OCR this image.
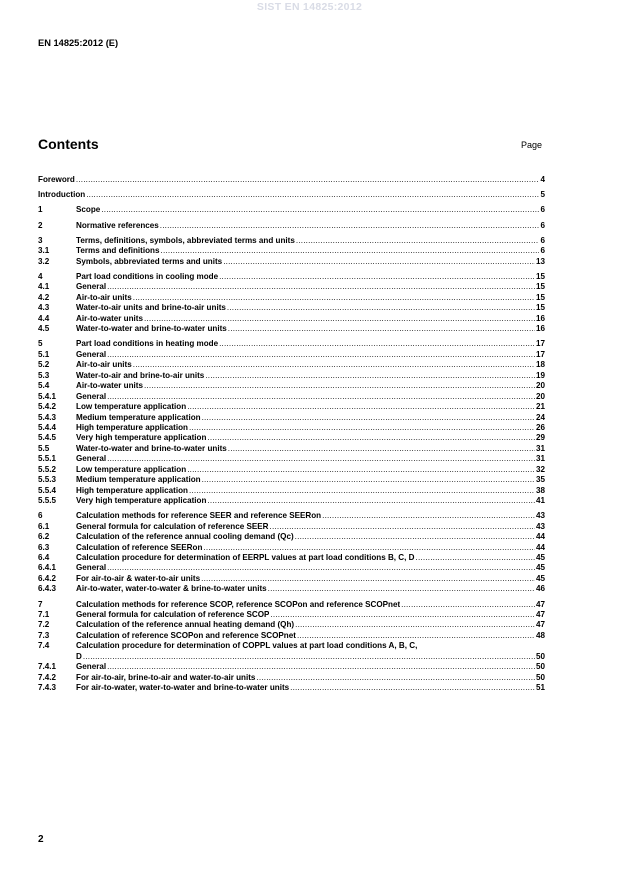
SIST EN 14825:2012
EN 14825:2012 (E)
Contents	Page
Foreword .....	4
Introduction .....	5
1	Scope .....	6
2	Normative references .....	6
3	Terms, definitions, symbols, abbreviated terms and units .....	6
3.1	Terms and definitions .....	6
3.2	Symbols, abbreviated terms and units .....	13
4	Part load conditions in cooling mode .....	15
4.1	General .....	15
4.2	Air-to-air units .....	15
4.3	Water-to-air units and brine-to-air units .....	15
4.4	Air-to-water units .....	16
4.5	Water-to-water and brine-to-water units .....	16
5	Part load conditions in heating mode .....	17
5.1	General .....	17
5.2	Air-to-air units .....	18
5.3	Water-to-air and brine-to-air units .....	19
5.4	Air-to-water units .....	20
5.4.1	General .....	20
5.4.2	Low temperature application .....	21
5.4.3	Medium temperature application .....	24
5.4.4	High temperature application .....	26
5.4.5	Very high temperature application .....	29
5.5	Water-to-water and brine-to-water units .....	31
5.5.1	General .....	31
5.5.2	Low temperature application .....	32
5.5.3	Medium temperature application .....	35
5.5.4	High temperature application .....	38
5.5.5	Very high temperature application .....	41
6	Calculation methods for reference SEER and reference SEERon .....	43
6.1	General formula for calculation of reference SEER .....	43
6.2	Calculation of the reference annual cooling demand (Qc) .....	44
6.3	Calculation of reference SEERon .....	44
6.4	Calculation procedure for determination of EERPL values at part load conditions B, C, D .....	45
6.4.1	General .....	45
6.4.2	For air-to-air & water-to-air units .....	45
6.4.3	Air-to-water, water-to-water & brine-to-water units .....	46
7	Calculation methods for reference SCOP, reference SCOPon and reference SCOPnet .....	47
7.1	General formula for calculation of reference SCOP .....	47
7.2	Calculation of the reference annual heating demand (Qh) .....	47
7.3	Calculation of reference SCOPon and reference SCOPnet .....	48
7.4	Calculation procedure for determination of COPPL values at part load conditions A, B, C,
D .....	50
7.4.1	General .....	50
7.4.2	For air-to-air, brine-to-air and water-to-air units .....	50
7.4.3	For air-to-water, water-to-water and brine-to-water units .....	51
2
